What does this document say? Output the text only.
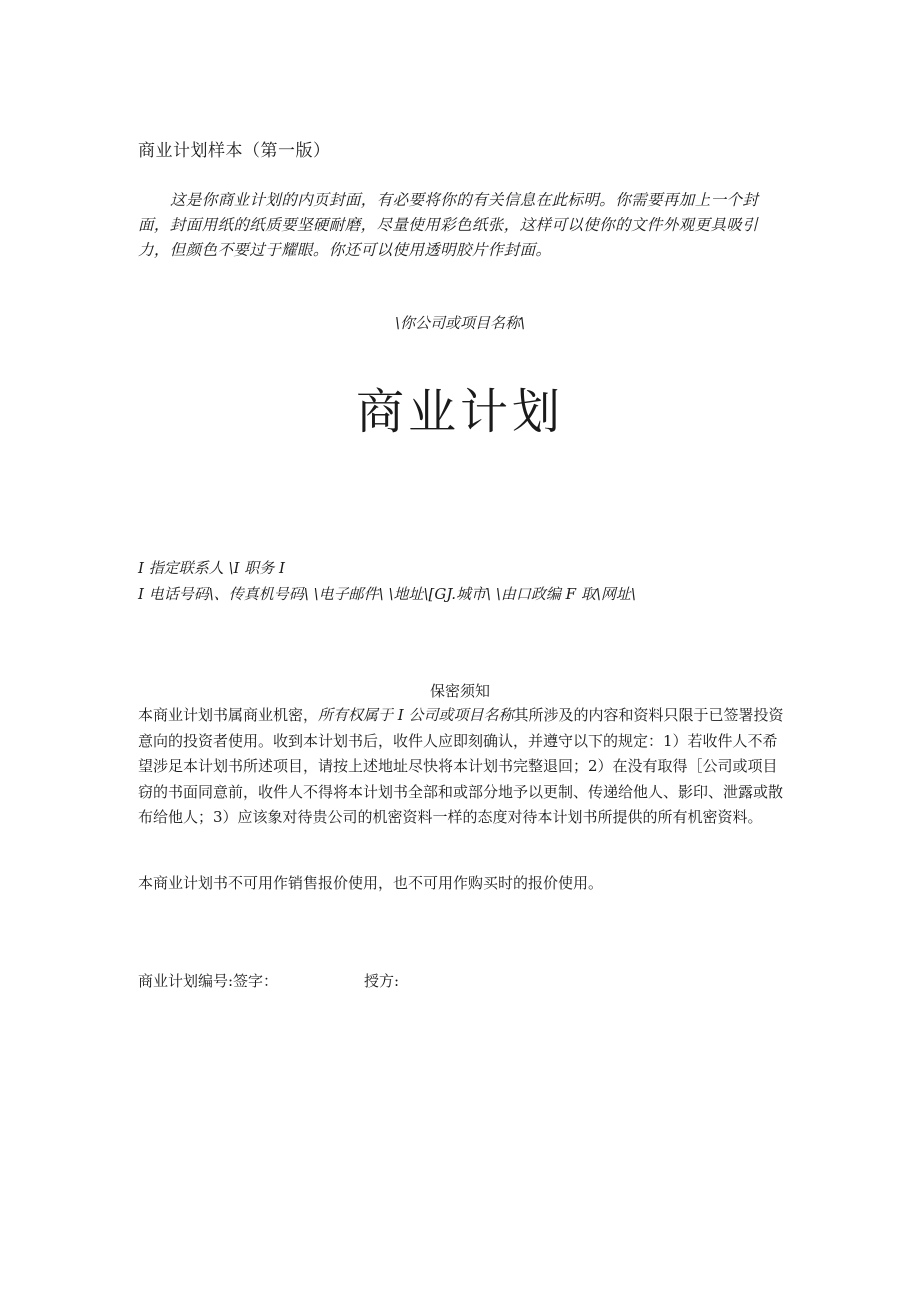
商业计划样本（第一版）
这是你商业计划的内页封面，有必要将你的有关信息在此标明。你需要再加上一个封面，封面用纸的纸质要坚硬耐磨，尽量使用彩色纸张，这样可以使你的文件外观更具吸引力，但颜色不要过于耀眼。你还可以使用透明胶片作封面。
\你公司或项目名称\
商业计划
I 指定联系人 \I 职务 I
I 电话号码\、传真机号码\ \电子邮件\ \地址\[GJ.城市\ \由口政编 F 取\网址\
保密须知
本商业计划书属商业机密，所有权属于 I 公司或项目名称其所涉及的内容和资料只限于已签署投资意向的投资者使用。收到本计划书后，收件人应即刻确认，并遵守以下的规定：1）若收件人不希望涉足本计划书所述项目，请按上述地址尽快将本计划书完整退回；2）在没有取得［公司或项目窃的书面同意前，收件人不得将本计划书全部和或部分地予以更制、传递给他人、影印、泄露或散布给他人；3）应该象对待贵公司的机密资料一样的态度对待本计划书所提供的所有机密资料。
本商业计划书不可用作销售报价使用，也不可用作购买时的报价使用。
商业计划编号:签字：	授方:
